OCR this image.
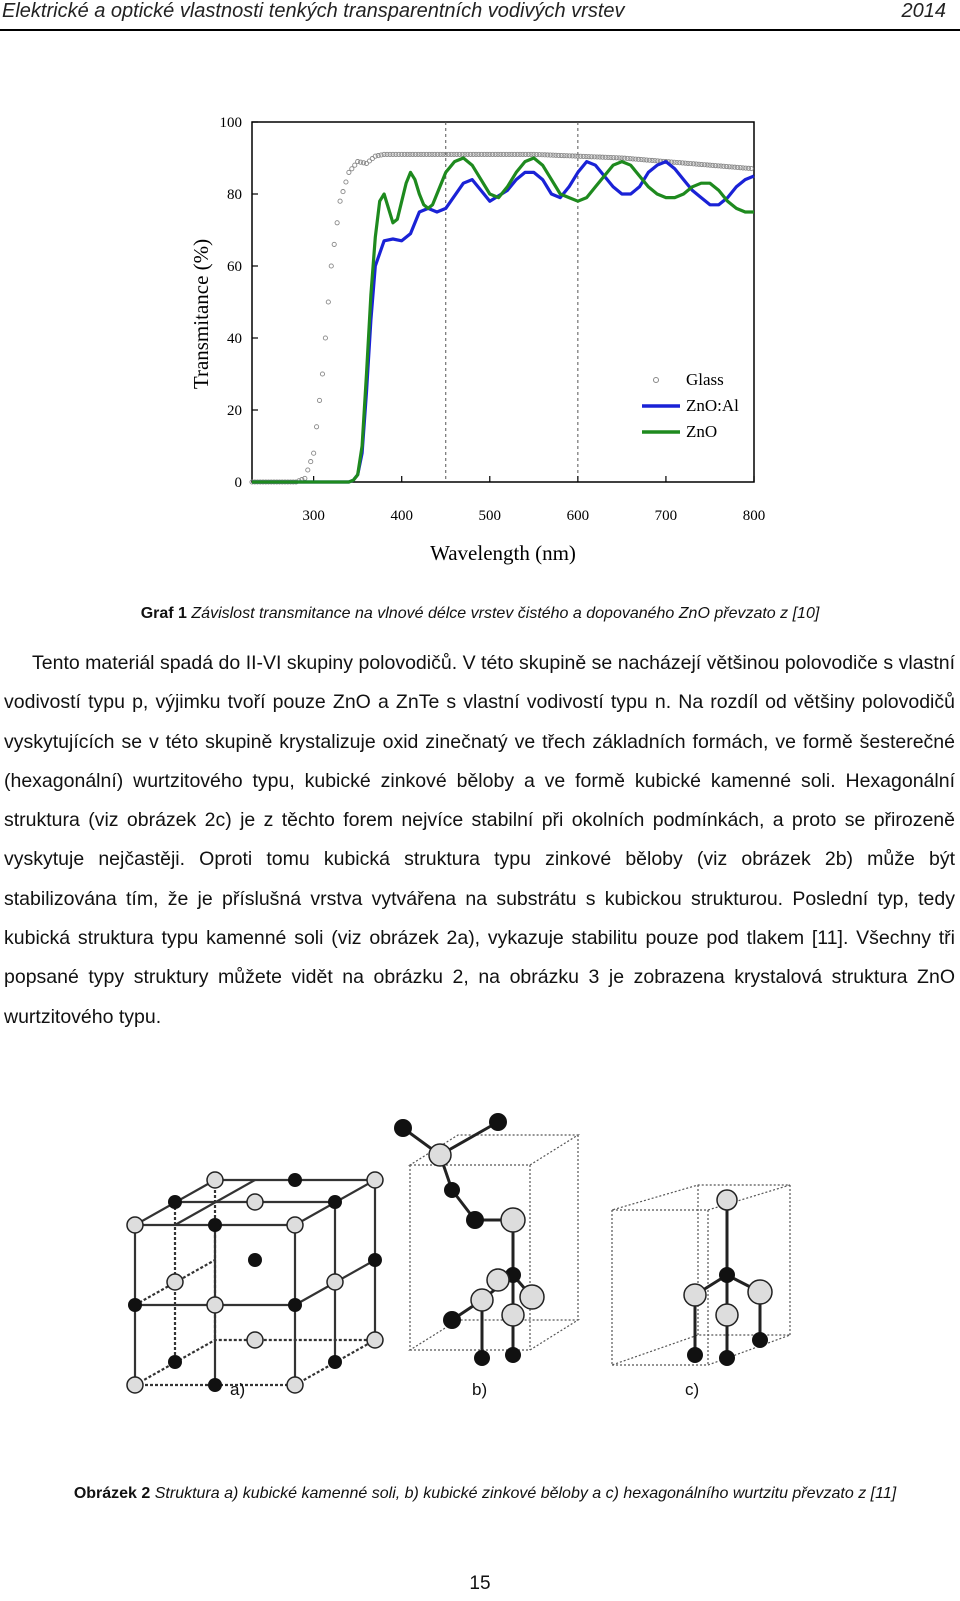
Elektrické a optické vlastnosti tenkých transparentních vodivých vrstev	2014
0
20
40
60
80
100
300	400	500	600	700	800
Wavelength (nm)
Transmitance (%)	Glass
ZnO:Al
ZnO
Graf 1 Závislost transmitance na vlnové délce vrstev čistého a dopovaného ZnO převzato z [10]

Tento materiál spadá do II-VI skupiny polovodičů. V této skupině se nacházejí většinou polovodiče s vlastní vodivostí typu p, výjimku tvoří pouze ZnO a ZnTe s vlastní vodivostí typu n. Na rozdíl od většiny polovodičů vyskytujících se v této skupině krystalizuje oxid zinečnatý ve třech základních formách, ve formě šesterečné (hexagonální) wurtzitového typu, kubické zinkové běloby a ve formě kubické kamenné soli. Hexagonální struktura (viz obrázek 2c) je z těchto forem nejvíce stabilní při okolních podmínkách, a proto se přirozeně vyskytuje nejčastěji. Oproti tomu kubická struktura typu zinkové běloby (viz obrázek 2b) může být stabilizována tím, že je příslušná vrstva vytvářena na substrátu s kubickou strukturou. Poslední typ, tedy kubická struktura typu kamenné soli (viz obrázek 2a), vykazuje stabilitu pouze pod tlakem [11]. Všechny tři popsané typy struktury můžete vidět na obrázku 2, na obrázku 3 je zobrazena krystalová struktura ZnO wurtzitového typu.

a)	b)	c)
Obrázek 2 Struktura a) kubické kamenné soli, b) kubické zinkové běloby a c) hexagonálního wurtzitu převzato z [11]
15
